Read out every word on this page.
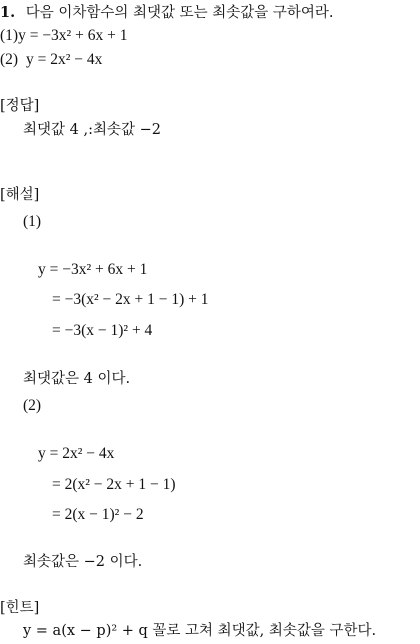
1. 다음 이차함수의 최댓값 또는 최솟값을 구하여라.
(1)y = −3x² + 6x + 1
(2) y = 2x² − 4x
[정답]
최댓값 4 ,:최솟값 −2
[해설]
(1)
y = −3x² + 6x + 1
= −3(x² − 2x + 1 − 1) + 1
= −3(x − 1)² + 4
최댓값은 4 이다.
(2)
y = 2x² − 4x
= 2(x² − 2x + 1 − 1)
= 2(x − 1)² − 2
최솟값은 −2 이다.
[힌트]
y = a(x − p)² + q 꼴로 고쳐 최댓값, 최솟값을 구한다.
